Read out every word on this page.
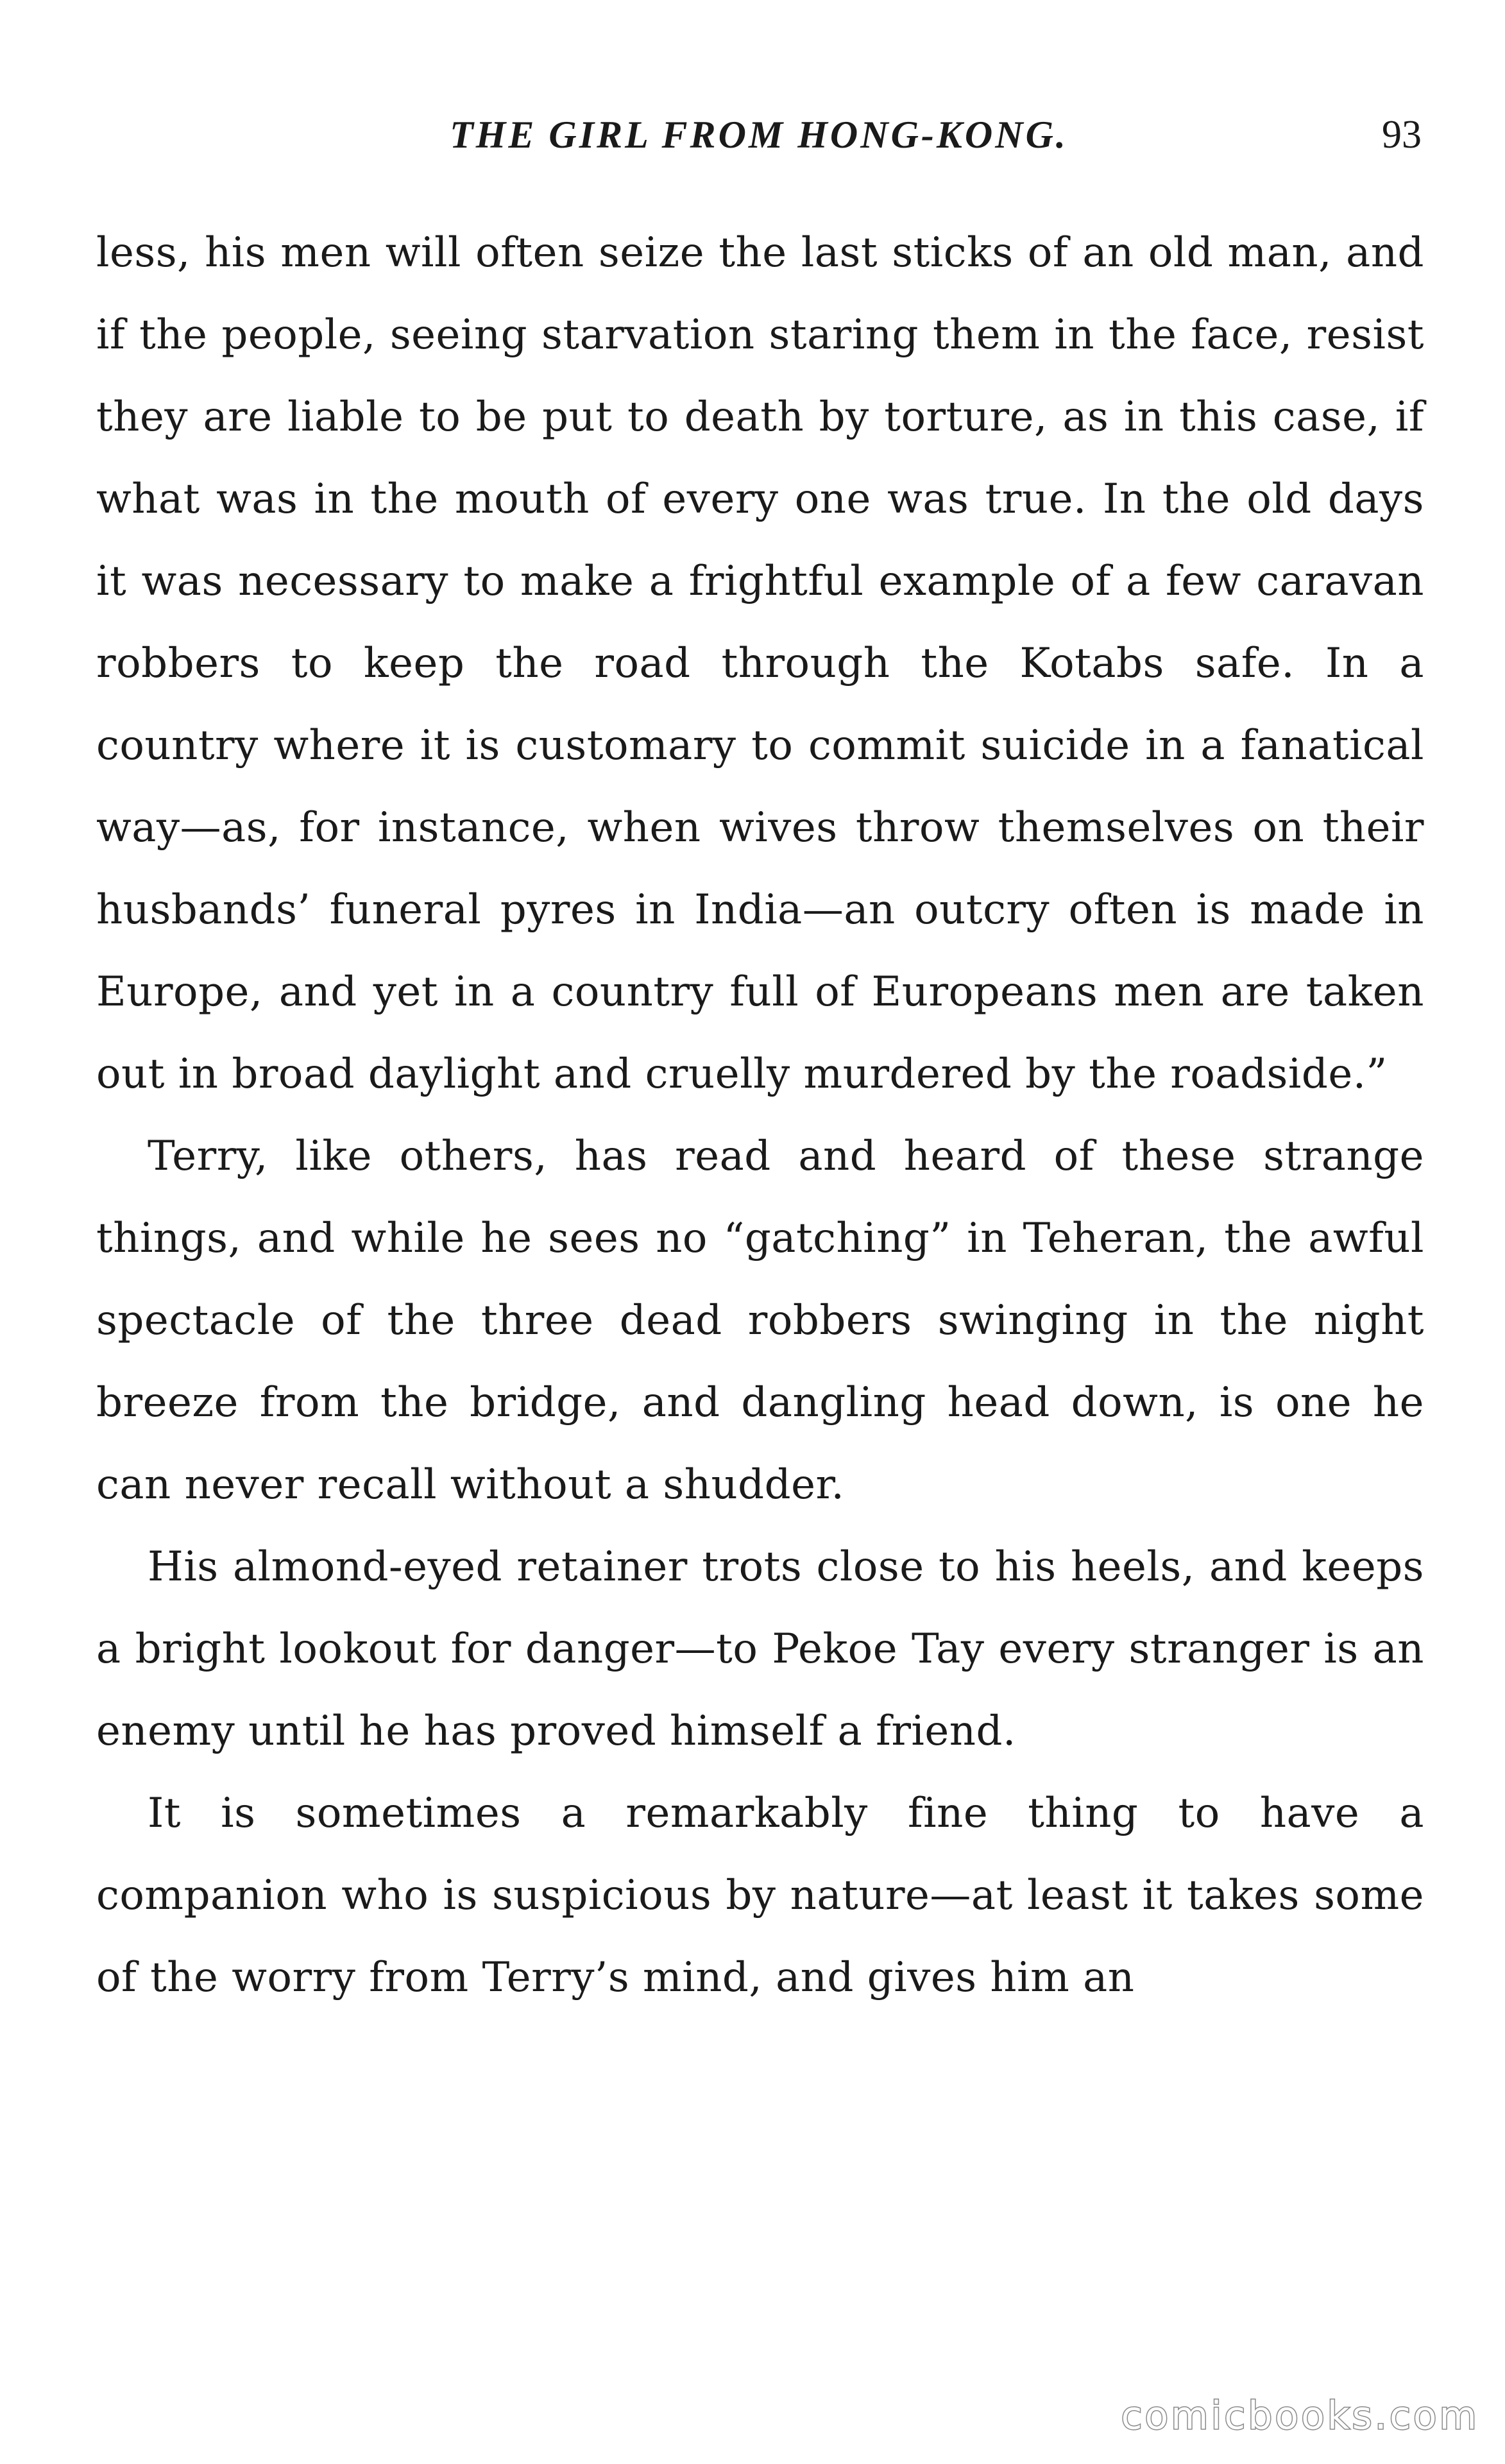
THE GIRL FROM HONG-KONG.	93

less, his men will often seize the last sticks of an old man, and if the people, seeing starvation staring them in the face, resist they are liable to be put to death by torture, as in this case, if what was in the mouth of every one was true. In the old days it was necessary to make a frightful example of a few caravan robbers to keep the road through the Kotabs safe. In a country where it is customary to commit suicide in a fanatical way—as, for instance, when wives throw themselves on their husbands’ funeral pyres in India—an outcry often is made in Europe, and yet in a country full of Europeans men are taken out in broad daylight and cruelly murdered by the roadside.”

Terry, like others, has read and heard of these strange things, and while he sees no “gatching” in Teheran, the awful spectacle of the three dead robbers swinging in the night breeze from the bridge, and dangling head down, is one he can never recall without a shudder.

His almond-eyed retainer trots close to his heels, and keeps a bright lookout for danger—to Pekoe Tay every stranger is an enemy until he has proved himself a friend.

It is sometimes a remarkably fine thing to have a companion who is suspicious by nature—at least it takes some of the worry from Terry’s mind, and gives him an

comicbooks.com
